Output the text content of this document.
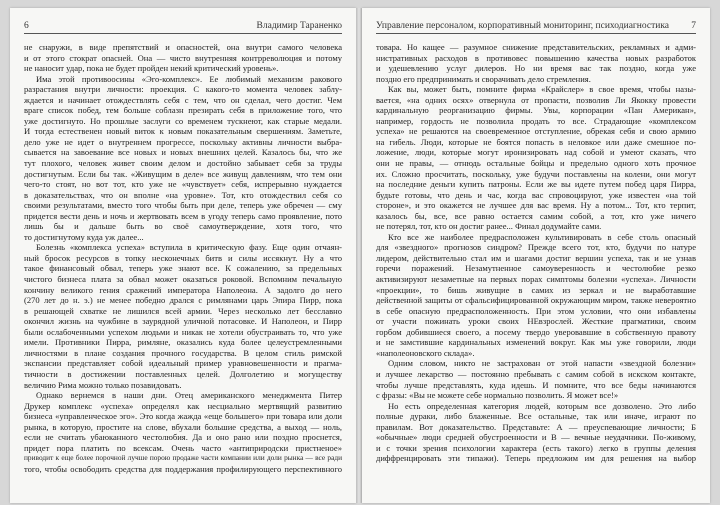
6	Владимир Тараненко
не снаружи, в виде препятствий и опасностей, она внутри самого человека
и от этого стократ опасней. Она — чисто внутренняя контрреволюция и потому
не наносит удар, пока не будет пройден некий критический уровень».
Има этой противоосины «Эго-комплекс». Ее любимый механизм ракового
разрастания внутри личности: проекция. С какого-то момента человек заблу-
ждается и начинает отождествлять себя с тем, что он сделал, чего достиг. Чем
враге список побед, тем больше соблазн презирать себя в приложение того, что
уже достигнуто. Но прошлые заслуги со временем тускнеют, как старые медали.
И тогда естественен новый виток к новым показательным свершениям. Заметьте,
дело уже не идет о внутреннем прогрессе, поскольку активны личности выбра-
сывается на завоевание все новых и новых внешних целей. Казалось бы, что же
тут плохого, человек живет своим делом и достойно забывает себя за труды
достигнутым. Если бы так. «Живущим в деле» все живущ давлениям, что тем они
чего-то стоят, но вот тот, кто уже не «чувствует» себя, испрерывно нуждается
в доказательствах, что он вполне «на уровне». Тот, кто отождествил себя со
своими результатами, вместо того чтобы быть при деле, теперь уже обречен — сму
придется вести день и ночь и жертвовать всем в угоду теперь само проявление, пото
лишь бы и дальше быть во своё самоутверждение, хотя того, что
то достигнутому куда уж далее...
Болезнь «комплекса успеха» вступила в критическую фазу. Еще один отчаян-
ный бросок ресурсов в топку несконечных битв и силы иссякнут. Ну а что
такое финансовый обвал, теперь уже знают все. К сожалению, за предельных
чистого бизнеса плата за обвал может оказаться роковой. Вспомним печальную
кончину великого гения сражений императора Наполеона. А задолго до него
(270 лет до н. э.) не менее победно дрался с римлянами царь Эпира Пирр, пока
в решающей схватке не лишился всей армии. Через несколько лет бесславно
окончил жизнь на чужбине в заурядной уличной потасовке. И Наполеон, и Пирр
были ослабоченными успехом людьми и никак не хотели обустраивать то, что уже
имели. Противники Пирра, римляне, оказались куда более целеустремленными
личностями в плане создания прочного государства. В целом стиль римской
экспансии представляет собой идеальный пример уравновешенности и прагма-
тичности в достижении поставленных целей. Долголетию и могуществу
величию Рима можно только позавидовать.
Однако вернемся в наши дни. Отец американского менеджмента Питер
Друкер комплекс «успеха» определял как несциально мертвящий развитию
бизнеса «управленческое эго». Это когда жажда «еще большего» при товара или доли
рынка, в которую, простите на слове, вбухали большие средства, а выход — ноль,
если не считать убаюканного честолюбия. Да и оно рано или поздно проснется,
придет пора платить по всексам. Очень часто «антиприродски пристненое»
приводит к еще более порочной лучше порою продаже части компании или доли рынка — все ради
того, чтобы освободить средства для поддержания профилирующего перспективного
7
Управление персоналом, корпоративный мониторинг, психодиагностика
товара. Но кащее — разумное снижение представительских, рекламных и адми-
нистративных расходов в противовес повышению качества новых разработок
и удешевлению услуг дилеров. Но ни время вас так поздно, когда уже
поздно его предпринимать и сворачивать дело стремления.
Как вы, может быть, помните фирма «Крайслер» в свое время, чтобы назы-
вается, «на одних осях» отвернула от пропасти, позволив Ли Якокку провести
кардинальную реорганизацию фирмы. Увы, корпорации «Пан Американ»,
например, гордость не позволила продать то все. Страдающие «комплексом
успеха» не решаются на своевременное отступление, обрекая себя и свою армию
на гибель. Люди, которые не боятся попасть в неловкое или даже смешное по-
ложение, люди, которые могут иронизировать над собой и умеют сказать, что
они не правы, — отнюдь остальные бойцы и предельно одного хоть прочное
их. Сложно просчитать, поскольку, уже будучи поставлены на колени, они могут
на последние деньги купить патроны. Если же вы идете путем побед царя Пирра,
будьте готовы, что день и час, когда вас спровоцируют, уже известен «на той
стороне», и это окажется не лучшее для вас время. Ну а потом... Тот, кто терпит,
казалось бы, все, все равно остается самим собой, а тот, кто уже ничего
не потерял, тот, кто он достиг ранее... Финал додумайте сами.
Кто все же наиболее предрасположен культивировать в себе столь опасный
для «звездного» прогнозов синдром? Прежде всего тот, кто, будучи по натуре
лидером, действительно стал им и шагами достиг вершин успеха, так и не узнав
горечи поражений. Незамутненное самоуверенность и честолюбие резко
активизируют незаметные на первых порах симптомы болезни «успеха». Личности
«проекции», то бишь живущие в самих из зеркал и не выработавшие
действенной защиты от сфальсифицированной окружающим миром, также невероятно
в себе опасную предрасположенность. При этом условии, что они избавлены
от участи пожинать уроки своих НЕвзрослей. Жесткие прагматики, своим
горбом добившиеся своего, а посему твердо уверовавшие в собственную правоту
и не замстившие кардинальных изменений вокруг. Как мы уже говорили, люди
«наполеоновского склада».
Одним словом, никто не застрахован от этой напасти «звездной болезни»
и лучшее лекарство — постоянно пребывать с самим собой в искском контакте,
чтобы лучше представлять, куда идешь. И помните, что все беды начинаются
с фразы: «Вы не можете себе нормально позволить. Я может все!»
Но есть определенная категория людей, которым все дозволено. Это либо
полные дураки, либо блаженные. Все остальные, так или иначе, играют по
правилам. Вот доказательство. Представьте: А — преуспевающие личности; Б
«обычные» люди средней обустроенности и В — вечные неудачники. По-живому,
и с точки зрения психологии характера (есть такого) легко в группы деления
диффренцировать эти типажи). Теперь предложим им для решения на выбор
